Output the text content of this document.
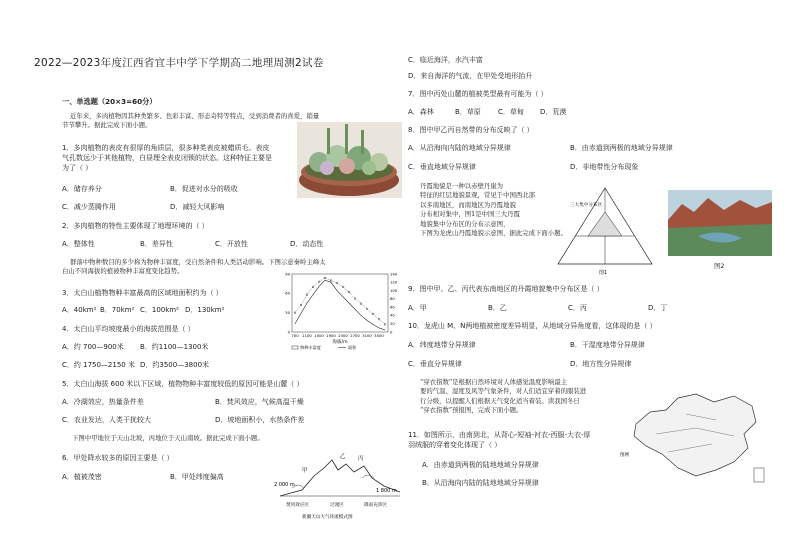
2022—2023年度江西省宜丰中学下学期高二地理周测2试卷
一、单选题（20×3=60分）
近年来，多肉植物因其种类繁多、色彩丰富、形态奇特等特点，受到消费者的喜爱，销量
节节攀升。据此完成下面小题。
1．多肉植物的表皮有很厚的角质层，很多种类表皮被蜡质毛。表皮
气孔数远少于其他植物，白昼理全表皮闭锁的状态。这种特征主要是
为了（ ）
A．储存养分	B．促进对水分的吸收
C．减少蒸腾作用	D．减轻大风影响
2．多肉植物的特性主要体现了地理环境的（ ）
A．整体性	B．差异性	C．开放性	D．动态性
群落中物种数目的多少称为物种丰富度，受自然条件和人类活动影响。下图示意秦岭主峰太
白山不同海拔的植被物种丰富度变化趋势。
700 1100 1500 1900 2300 2700 3100 3500
0
30
60
90
0
20
40
60
80
100
120
140
海拔/m
物种丰富度	面积
3．太白山植物物种丰富最高的区域地面积约为（ ）
A．40km² B．70km² C．100km² D．130km²
4．太白山平均坡度最小的海拔范围是（ ）
A．约 700—900米 B．约1100—1300米
C．约 1750—2150 米 D．约3500—3800米
5．太白山海拔 600 米以下区域，植物物种丰富度较低的原因可能是山麓（ ）
A．冷湖效应，热量条件差	B．焚风效应，气候高温干燥
C．农业发达，人类干扰较大	D．坡地面积小，水热条件差
下图中甲地位于天山北坡，丙地位于天山南坡。据此完成下面小题。
6．甲处降水较多的原因主要是（ ）
A．植被茂密	B．甲处纬度偏高
2 000 m
1 800 m
甲
乙 丙
焚风效应区	过渡区	降雨充沛区
新疆天山大气环流模式图
C．临近海洋，水汽丰富
D．来自海洋的气流，在甲处受地形抬升
7．图中丙处山麓的植被类型最有可能为（ ）
A．森林	B．草原 C．草甸 D．荒漠
8．图中甲乙丙自然带的分布反映了（ ）
A．从沿海向内陆的地域分异规律	B．由赤道到两极的地域分异规律
C．垂直地域分异规律	D．非地带性分布现象
丹霞地貌是一种以赤壁丹崖为
特征的红层地貌景观，常见于中国西北部
以多南地区，而南地区为丹霞地貌
分布相对集中，图1是中国三大丹霞
地貌集中分布区的分布示意图，
下图为龙虎山丹霞地貌示意图，据此完成下面小题。
三大集中分布区
图1
图2
9．图中甲、乙、丙代表东南地区的丹霞地貌集中分布区是（ ）
A．甲	B．乙	C．丙	D．丁
10．龙虎山 M、N两地植被密度差异明显，从地域分异角度看，这体现的是（ ）
A．纬度地带分异规律	B．干湿度地带分异规律
C．垂直分异规律	D．地方性分异规律
“穿衣指数”是根据自然环境对人体感觉温度影响最主
要的气温、湿度及风等气象条件，对人们适宜穿着的服装进
行分级，以提醒人们根据天气变化适当着装。读我国冬日
“穿衣指数”预报图，完成下面小题。
图例
11．如图所示，由南到北，从背心-短袖-衬衣-西服-大衣-厚
羽绒服的穿着变化体现了（ ）
A．由赤道到两极的陆地地域分异规律
B．从沿海向内陆的陆地地域分异规律
